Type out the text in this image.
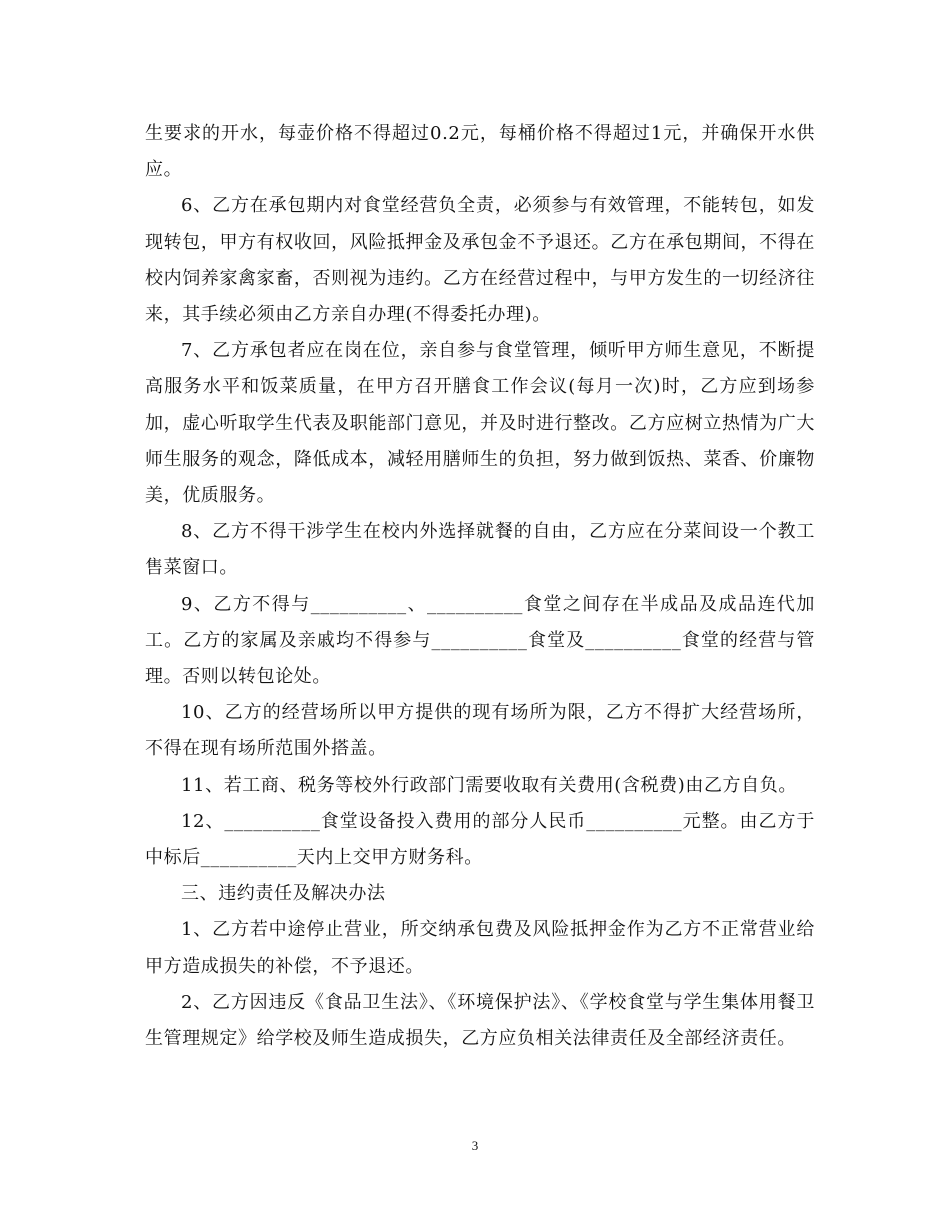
生要求的开水，每壶价格不得超过0.2元，每桶价格不得超过1元，并确保开水供应。

6、乙方在承包期内对食堂经营负全责，必须参与有效管理，不能转包，如发现转包，甲方有权收回，风险抵押金及承包金不予退还。乙方在承包期间，不得在校内饲养家禽家畜，否则视为违约。乙方在经营过程中，与甲方发生的一切经济往来，其手续必须由乙方亲自办理(不得委托办理)。

7、乙方承包者应在岗在位，亲自参与食堂管理，倾听甲方师生意见，不断提高服务水平和饭菜质量，在甲方召开膳食工作会议(每月一次)时，乙方应到场参加，虚心听取学生代表及职能部门意见，并及时进行整改。乙方应树立热情为广大师生服务的观念，降低成本，减轻用膳师生的负担，努力做到饭热、菜香、价廉物美，优质服务。

8、乙方不得干涉学生在校内外选择就餐的自由，乙方应在分菜间设一个教工售菜窗口。

9、乙方不得与__________、__________食堂之间存在半成品及成品连代加工。乙方的家属及亲戚均不得参与__________食堂及__________食堂的经营与管理。否则以转包论处。

10、乙方的经营场所以甲方提供的现有场所为限，乙方不得扩大经营场所，不得在现有场所范围外搭盖。

11、若工商、税务等校外行政部门需要收取有关费用(含税费)由乙方自负。

12、__________食堂设备投入费用的部分人民币__________元整。由乙方于中标后__________天内上交甲方财务科。

三、违约责任及解决办法

1、乙方若中途停止营业，所交纳承包费及风险抵押金作为乙方不正常营业给甲方造成损失的补偿，不予退还。

2、乙方因违反《食品卫生法》、《环境保护法》、《学校食堂与学生集体用餐卫生管理规定》给学校及师生造成损失，乙方应负相关法律责任及全部经济责任。

3
